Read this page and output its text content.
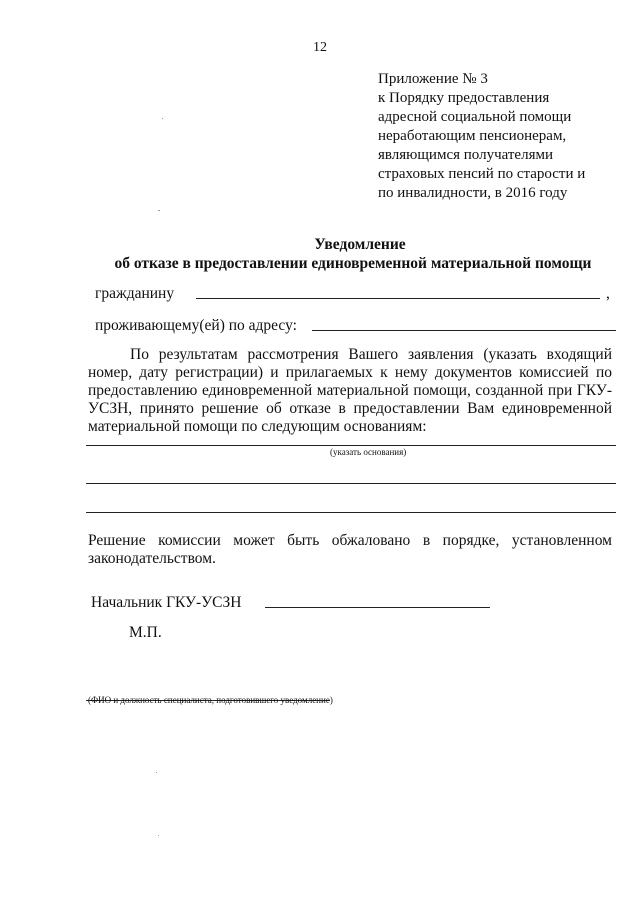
12
Приложение № 3
к Порядку предоставления
адресной социальной помощи
неработающим пенсионерам,
являющимся получателями
страховых пенсий по старости и
по инвалидности, в 2016 году
Уведомление
об отказе в предоставлении единовременной материальной помощи
гражданину	,
проживающему(ей) по адресу:
По результатам рассмотрения Вашего заявления (указать входящий
номер, дату регистрации) и прилагаемых к нему документов комиссией по
предоставлению единовременной материальной помощи, созданной при ГКУ-
УСЗН, принято решение об отказе в предоставлении Вам единовременной
материальной помощи по следующим основаниям:
(указать основания)
Решение комиссии может быть обжаловано в порядке, установленном
законодательством.
Начальник ГКУ-УСЗН
М.П.
(ФИО и должность специалиста, подготовившего уведомление)
